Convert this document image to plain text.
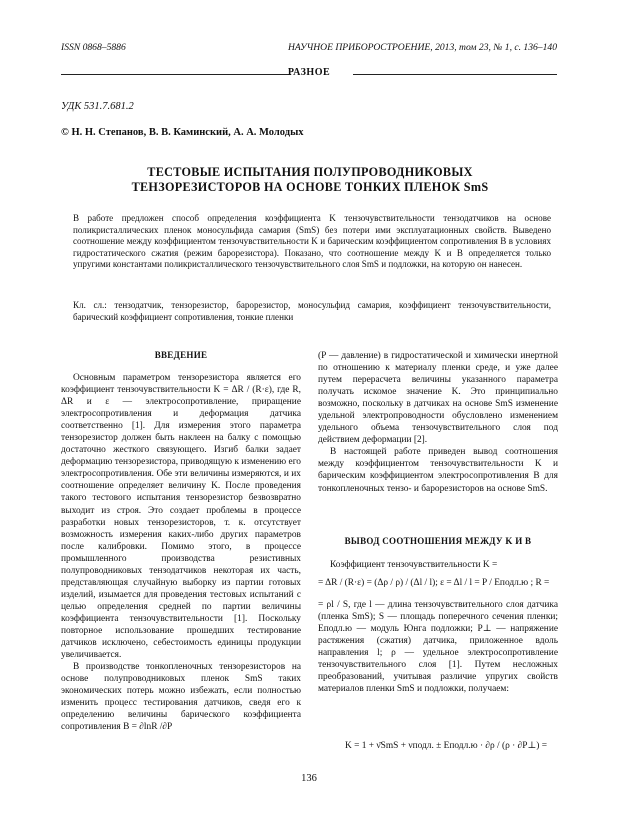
ISSN 0868–5886	НАУЧНОЕ ПРИБОРОСТРОЕНИЕ, 2013, том 23, № 1, с. 136–140
РАЗНОЕ
УДК 531.7.681.2
© Н. Н. Степанов, В. В. Каминский, А. А. Молодых
ТЕСТОВЫЕ ИСПЫТАНИЯ ПОЛУПРОВОДНИКОВЫХ
ТЕНЗОРЕЗИСТОРОВ НА ОСНОВЕ ТОНКИХ ПЛЕНОК SmS
В работе предложен способ определения коэффициента K тензочувствительности тензодатчиков на основе поликристаллических пленок моносульфида самария (SmS) без потери ими эксплуатационных свойств. Выведено соотношение между коэффициентом тензочувствительности K и барическим коэффициентом сопротивления B в условиях гидростатического сжатия (режим барорезистора). Показано, что соотношение между K и B определяется только упругими константами поликристаллического тензочувствительного слоя SmS и подложки, на которую он нанесен.
Кл. сл.: тензодатчик, тензорезистор, барорезистор, моносульфид самария, коэффициент тензочувствительности, барический коэффициент сопротивления, тонкие пленки
ВВЕДЕНИЕ

Основным параметром тензорезистора является его коэффициент тензочувствительности K = ΔR / (R·ε), где R, ΔR и ε — электросопротивление, приращение электросопротивления и деформация датчика соответственно [1]. Для измерения этого параметра тензорезистор должен быть наклеен на балку с помощью достаточно жесткого связующего. Изгиб балки задает деформацию тензорезистора, приводящую к изменению его электросопротивления. Обе эти величины измеряются, и их соотношение определяет величину K. После проведения такого тестового испытания тензорезистор безвозвратно выходит из строя. Это создает проблемы в процессе разработки новых тензорезисторов, т. к. отсутствует возможность измерения каких-либо других параметров после калибровки. Помимо этого, в процессе промышленного производства резистивных полупроводниковых тензодатчиков некоторая их часть, представляющая случайную выборку из партии готовых изделий, изымается для проведения тестовых испытаний с целью определения средней по партии величины коэффициента тензочувствительности [1]. Поскольку повторное использование прошедших тестирование датчиков исключено, себестоимость единицы продукции увеличивается.

В производстве тонкопленочных тензорезисторов на основе полупроводниковых пленок SmS таких экономических потерь можно избежать, если полностью изменить процесс тестирования датчиков, сведя его к определению величины барического коэффициента сопротивления B = ∂lnR /∂P

(P — давление) в гидростатической и химически инертной по отношению к материалу пленки среде, и уже далее путем перерасчета величины указанного параметра получать искомое значение K. Это принципиально возможно, поскольку в датчиках на основе SmS изменение удельной электропроводности обусловлено изменением удельного объема тензочувствительного слоя под действием деформации [2].

В настоящей работе приведен вывод соотношения между коэффициентом тензочувствительности K и барическим коэффициентом электросопротивления B для тонкопленочных тензо- и барорезисторов на основе SmS.

ВЫВОД СООТНОШЕНИЯ МЕЖДУ K И B

Коэффициент тензочувствительности K =

= ΔR / (R·ε) = (Δρ / ρ) / (Δl / l); ε = Δl / l = P / Eподл.ю ; R =

= ρl / S, где l — длина тензочувствительного слоя датчика (пленка SmS); S — площадь поперечного сечения пленки; Eподл.ю — модуль Юнга подложки; P⊥ — напряжение растяжения (сжатия) датчика, приложенное вдоль направления l; ρ — удельное электросопротивление тензочувствительного слоя [1]. Путем несложных преобразований, учитывая различие упругих свойств материалов пленки SmS и подложки, получаем:

K = 1 + ν̄SmS + νподл. ± Eподл.ю · ∂ρ / (ρ · ∂P⊥) =
136
